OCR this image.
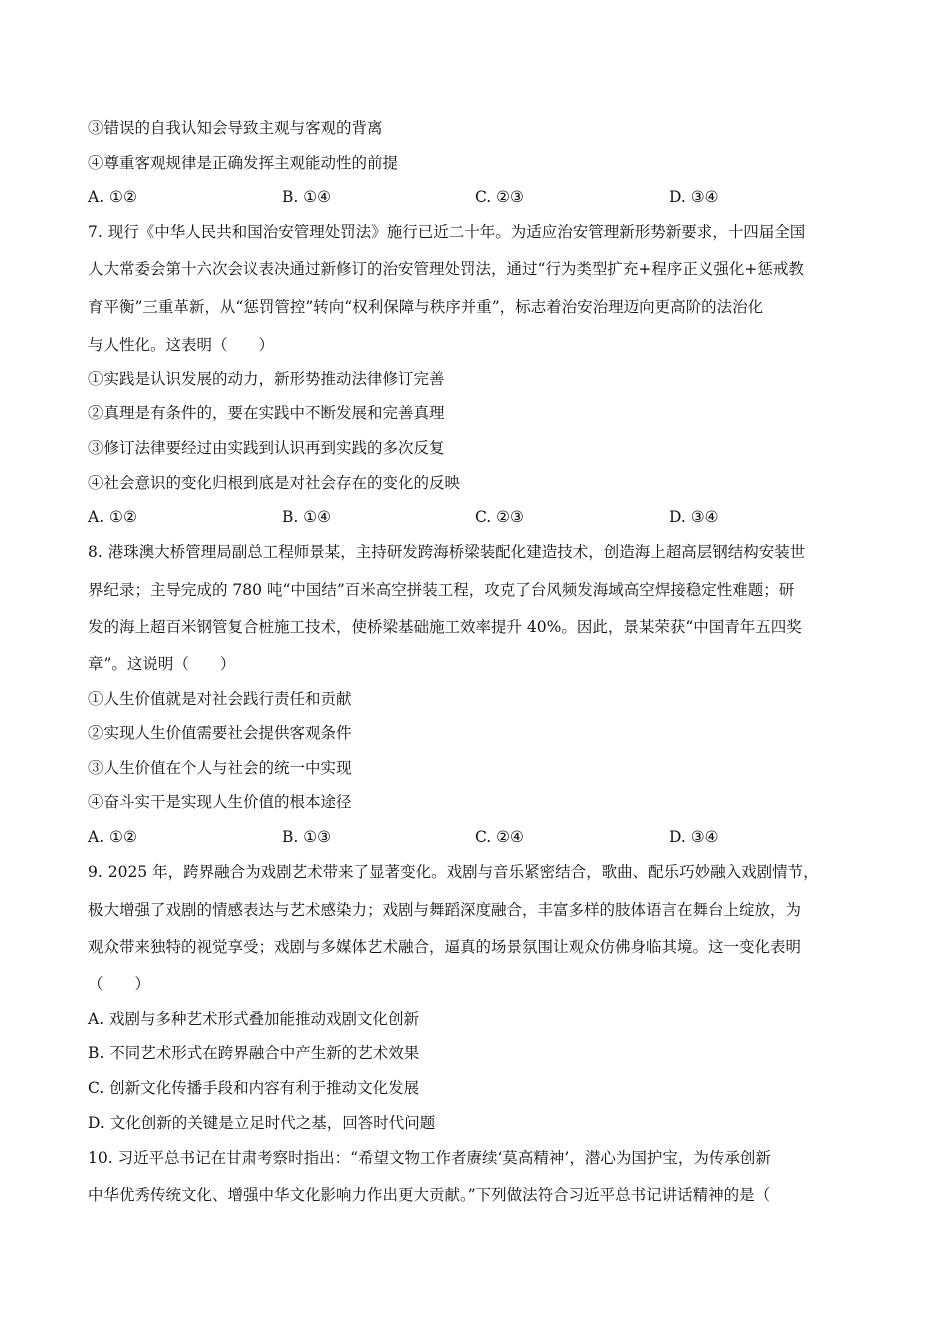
③错误的自我认知会导致主观与客观的背离
④尊重客观规律是正确发挥主观能动性的前提
A. ①②	B. ①④	C. ②③	D. ③④
7. 现行《中华人民共和国治安管理处罚法》施行已近二十年。为适应治安管理新形势新要求，十四届全国
人大常委会第十六次会议表决通过新修订的治安管理处罚法，通过“行为类型扩充+程序正义强化+惩戒教
育平衡”三重革新，从“惩罚管控”转向“权利保障与秩序并重”，标志着治安治理迈向更高阶的法治化
与人性化。这表明（　　）
①实践是认识发展的动力，新形势推动法律修订完善
②真理是有条件的，要在实践中不断发展和完善真理
③修订法律要经过由实践到认识再到实践的多次反复
④社会意识的变化归根到底是对社会存在的变化的反映
A. ①②	B. ①④	C. ②③	D. ③④
8. 港珠澳大桥管理局副总工程师景某，主持研发跨海桥梁装配化建造技术，创造海上超高层钢结构安装世
界纪录；主导完成的 780 吨“中国结”百米高空拼装工程，攻克了台风频发海域高空焊接稳定性难题；研
发的海上超百米钢管复合桩施工技术，使桥梁基础施工效率提升 40%。因此，景某荣获“中国青年五四奖
章”。这说明（　　）
①人生价值就是对社会践行责任和贡献
②实现人生价值需要社会提供客观条件
③人生价值在个人与社会的统一中实现
④奋斗实干是实现人生价值的根本途径
A. ①②	B. ①③	C. ②④	D. ③④
9. 2025 年，跨界融合为戏剧艺术带来了显著变化。戏剧与音乐紧密结合，歌曲、配乐巧妙融入戏剧情节，
极大增强了戏剧的情感表达与艺术感染力；戏剧与舞蹈深度融合，丰富多样的肢体语言在舞台上绽放，为
观众带来独特的视觉享受；戏剧与多媒体艺术融合，逼真的场景氛围让观众仿佛身临其境。这一变化表明
（　　）
A. 戏剧与多种艺术形式叠加能推动戏剧文化创新
B. 不同艺术形式在跨界融合中产生新的艺术效果
C. 创新文化传播手段和内容有利于推动文化发展
D. 文化创新的关键是立足时代之基，回答时代问题
10. 习近平总书记在甘肃考察时指出：“希望文物工作者赓续‘莫高精神’，潜心为国护宝，为传承创新
中华优秀传统文化、增强中华文化影响力作出更大贡献。”下列做法符合习近平总书记讲话精神的是（
